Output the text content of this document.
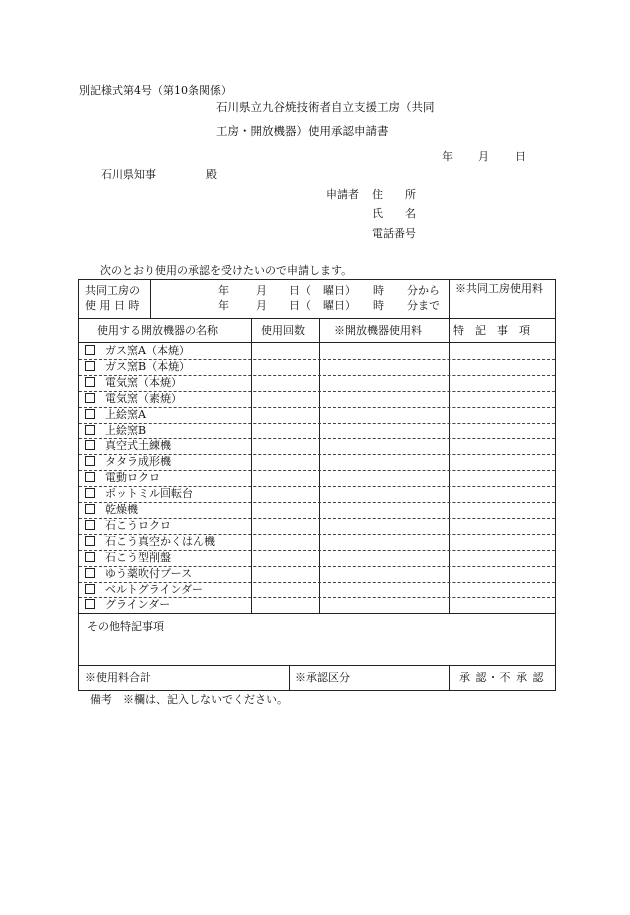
別記様式第4号（第10条関係）
石川県立九谷焼技術者自立支援工房（共同
工房・開放機器）使用承認申請書
年 月 日
石川県知事	殿
申請者 住　　所
氏　　名
電話番号
次のとおり使用の承認を受けたいので申請します。
共同工房の
使 用 日 時
年 月 日（ 曜日） 時 分から
年 月 日（ 曜日） 時 分まで
※共同工房使用料
使用する開放機器の名称	使用回数	※開放機器使用料	特　記　事　項
ガス窯A（本焼）
ガス窯B（本焼）
電気窯（本焼）
電気窯（素焼）
上絵窯A
上絵窯B
真空式土練機
タタラ成形機
電動ロクロ
ポットミル回転台
乾燥機
石こうロクロ
石こう真空かくはん機
石こう型削盤
ゆう薬吹付ブース
ベルトグラインダー
グラインダー
その他特記事項
※使用料合計	※承認区分	承 認・不 承 認
備考　※欄は、記入しないでください。
